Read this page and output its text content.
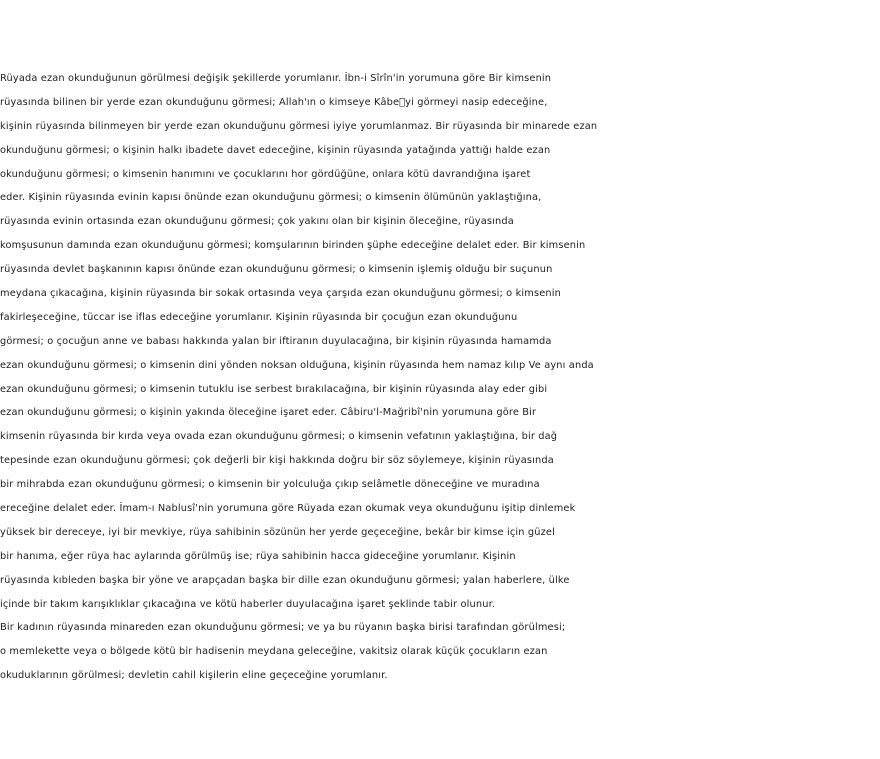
Rüyada ezan okunduğunun görülmesi değişik şekillerde yorumlanır. İbn-i Sîrîn'in yorumuna göre Bir kimsenin
rüyasında bilinen bir yerde ezan okunduğunu görmesi; Allah'ın o kimseye Kâbe yi görmeyi nasip edeceğine,
kişinin rüyasında bilinmeyen bir yerde ezan okunduğunu görmesi iyiye yorumlanmaz. Bir rüyasında bir minarede ezan
okunduğunu görmesi; o kişinin halkı ibadete davet edeceğine, kişinin rüyasında yatağında yattığı halde ezan
okunduğunu görmesi; o kimsenin hanımını ve çocuklarını hor gördüğüne, onlara kötü davrandığına işaret
eder. Kişinin rüyasında evinin kapısı önünde ezan okunduğunu görmesi; o kimsenin ölümünün yaklaştığına,
rüyasında evinin ortasında ezan okunduğunu görmesi; çok yakını olan bir kişinin öleceğine, rüyasında
komşusunun damında ezan okunduğunu görmesi; komşularının birinden şüphe edeceğine delalet eder. Bir kimsenin
rüyasında devlet başkanının kapısı önünde ezan okunduğunu görmesi; o kimsenin işlemiş olduğu bir suçunun
meydana çıkacağına, kişinin rüyasında bir sokak ortasında veya çarşıda ezan okunduğunu görmesi; o kimsenin
fakirleşeceğine, tüccar ise iflas edeceğine yorumlanır. Kişinin rüyasında bir çocuğun ezan okunduğunu
görmesi; o çocuğun anne ve babası hakkında yalan bir iftiranın duyulacağına, bir kişinin rüyasında hamamda
ezan okunduğunu görmesi; o kimsenin dini yönden noksan olduğuna, kişinin rüyasında hem namaz kılıp Ve aynı anda
ezan okunduğunu görmesi; o kimsenin tutuklu ise serbest bırakılacağına, bir kişinin rüyasında alay eder gibi
ezan okunduğunu görmesi; o kişinin yakında öleceğine işaret eder. Câbiru'l-Mağribî'nin yorumuna göre Bir
kimsenin rüyasında bir kırda veya ovada ezan okunduğunu görmesi; o kimsenin vefatının yaklaştığına, bir dağ
tepesinde ezan okunduğunu görmesi; çok değerli bir kişi hakkında doğru bir söz söylemeye, kişinin rüyasında
bir mihrabda ezan okunduğunu görmesi; o kimsenin bir yolculuğa çıkıp selâmetle döneceğine ve muradına
ereceğine delalet eder. İmam-ı Nablusî'nin yorumuna göre Rüyada ezan okumak veya okunduğunu işitip dinlemek
yüksek bir dereceye, iyi bir mevkiye, rüya sahibinin sözünün her yerde geçeceğine, bekâr bir kimse için güzel
bir hanıma, eğer rüya hac aylarında görülmüş ise; rüya sahibinin hacca gideceğine yorumlanır. Kişinin
rüyasında kıbleden başka bir yöne ve arapçadan başka bir dille ezan okunduğunu görmesi; yalan haberlere, ülke
içinde bir takım karışıklıklar çıkacağına ve kötü haberler duyulacağına işaret şeklinde tabir olunur.
Bir kadının rüyasında minareden ezan okunduğunu görmesi; ve ya bu rüyanın başka birisi tarafından görülmesi;
o memlekette veya o bölgede kötü bir hadisenin meydana geleceğine, vakitsiz olarak küçük çocukların ezan
okuduklarının görülmesi; devletin cahil kişilerin eline geçeceğine yorumlanır.
